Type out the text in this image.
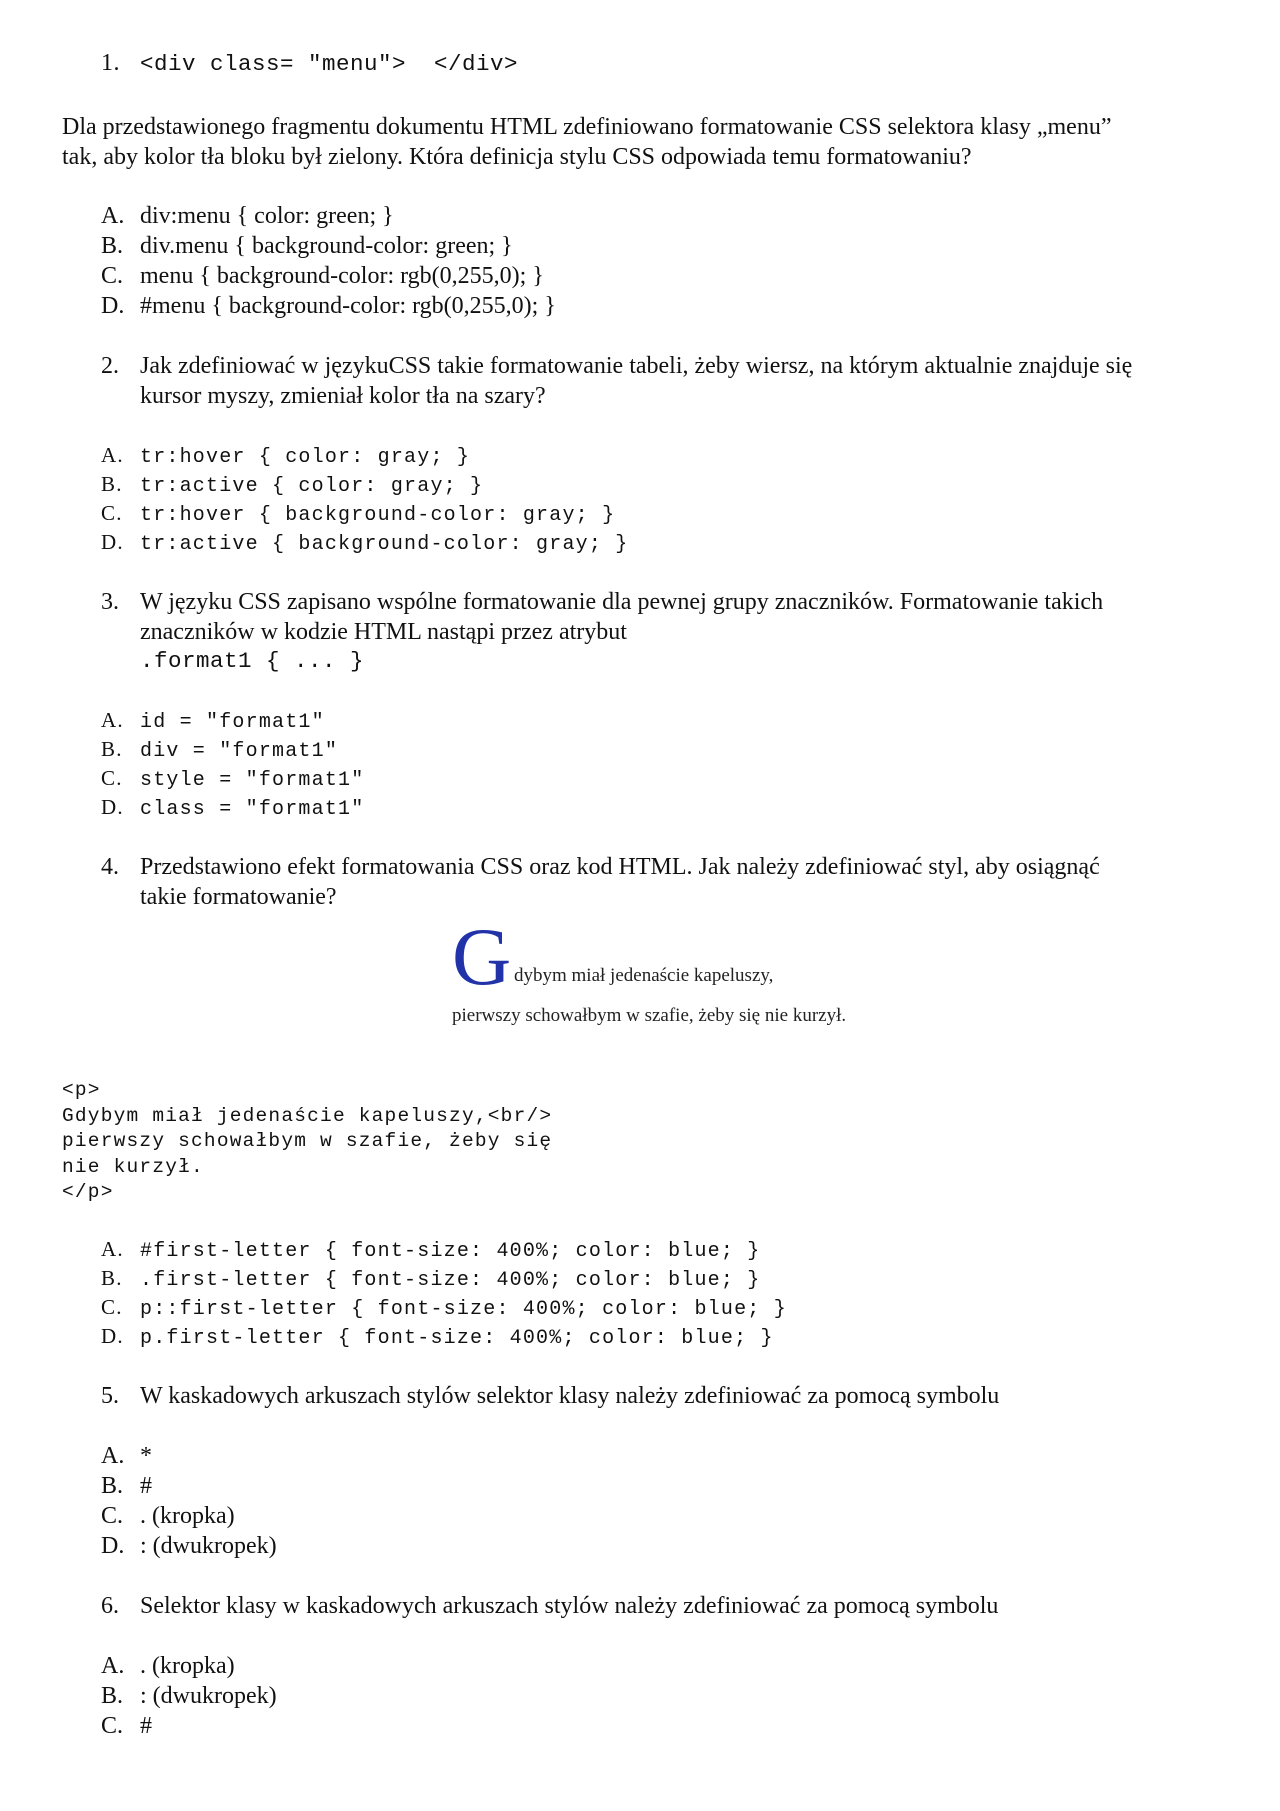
1. <div class= "menu">  </div>
Dla przedstawionego fragmentu dokumentu HTML zdefiniowano formatowanie CSS selektora klasy „menu”
tak, aby kolor tła bloku był zielony. Która definicja stylu CSS odpowiada temu formatowaniu?
A. div:menu { color: green; }
B. div.menu { background-color: green; }
C. menu { background-color: rgb(0,255,0); }
D. #menu { background-color: rgb(0,255,0); }
2. Jak zdefiniować w językuCSS takie formatowanie tabeli, żeby wiersz, na którym aktualnie znajduje się
kursor myszy, zmieniał kolor tła na szary?
A. tr:hover { color: gray; }
B. tr:active { color: gray; }
C. tr:hover { background-color: gray; }
D. tr:active { background-color: gray; }
3. W języku CSS zapisano wspólne formatowanie dla pewnej grupy znaczników. Formatowanie takich
znaczników w kodzie HTML nastąpi przez atrybut
.format1 { ... }
A. id = "format1"
B. div = "format1"
C. style = "format1"
D. class = "format1"
4. Przedstawiono efekt formatowania CSS oraz kod HTML. Jak należy zdefiniować styl, aby osiągnąć
takie formatowanie?
G dybym miał jedenaście kapeluszy,
pierwszy schowałbym w szafie, żeby się nie kurzył.
<p>
Gdybym miał jedenaście kapeluszy,<br/>
pierwszy schowałbym w szafie, żeby się
nie kurzył.
</p>
A. #first-letter { font-size: 400%; color: blue; }
B. .first-letter { font-size: 400%; color: blue; }
C. p::first-letter { font-size: 400%; color: blue; }
D. p.first-letter { font-size: 400%; color: blue; }
5. W kaskadowych arkuszach stylów selektor klasy należy zdefiniować za pomocą symbolu
A. *
B. #
C. . (kropka)
D. : (dwukropek)
6. Selektor klasy w kaskadowych arkuszach stylów należy zdefiniować za pomocą symbolu
A. . (kropka)
B. : (dwukropek)
C. #
